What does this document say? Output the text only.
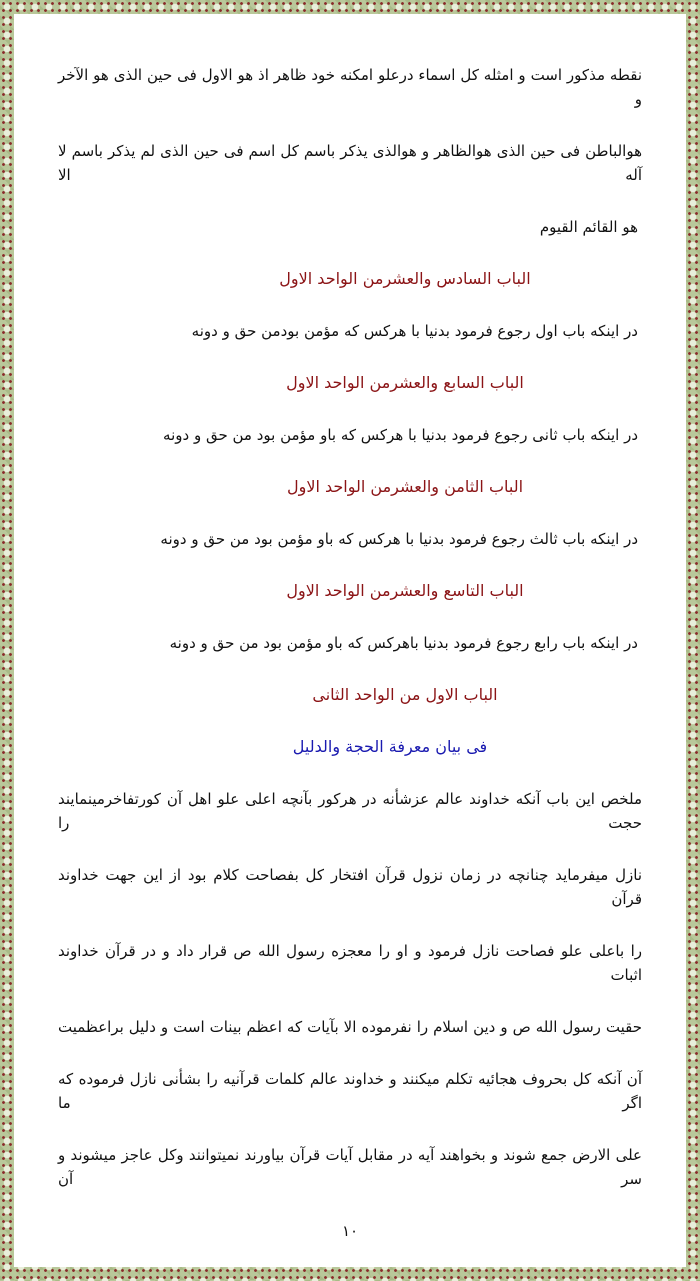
نقطه مذکور است و امثله کل اسماء درعلو امکنه خود ظاهر اذ هو الاول فی حین الذی هو الآخر و
هوالباطن فی حین الذی هوالظاهر و هوالذی یذکر باسم کل اسم فی حین الذی لم یذکر باسم لا آله الا
هو القائم القیوم
الباب السادس والعشرمن الواحد الاول
در اینکه باب اول رجوع فرمود بدنیا با هرکس که مؤمن بودمن حق و دونه
الباب السابع والعشرمن الواحد الاول
در اینکه باب ثانی رجوع فرمود بدنیا با هرکس که باو مؤمن بود من حق و دونه
الباب الثامن والعشرمن الواحد الاول
در اینکه باب ثالث رجوع فرمود بدنیا با هرکس که باو مؤمن بود من حق و دونه
الباب التاسع والعشرمن الواحد الاول
در اینکه باب رابع رجوع فرمود بدنیا باهرکس که باو مؤمن بود من حق و دونه
الباب الاول من الواحد الثانی
فی بیان معرفة الحجة والدلیل
ملخص این باب آنکه خداوند عالم عزشأنه در هرکور بآنچه اعلی علو اهل آن کورتفاخرمینمایند حجت را
نازل میفرماید چنانچه در زمان نزول قرآن افتخار کل بفصاحت کلام بود از این جهت خداوند قرآن
را باعلی علو فصاحت نازل فرمود و او را معجزه رسول الله ص قرار داد و در قرآن خداوند اثبات
حقیت رسول الله ص و دین اسلام را نفرموده الا بآیات که اعظم بینات است و دلیل براعظمیت
آن آنکه کل بحروف هجائیه تکلم میکنند و خداوند عالم کلمات قرآنیه را بشأنی نازل فرموده که اگر ما
علی الارض جمع شوند و بخواهند آیه در مقابل آیات قرآن بیاورند نمیتوانند وکل عاجز میشوند و سر آن
١٠
